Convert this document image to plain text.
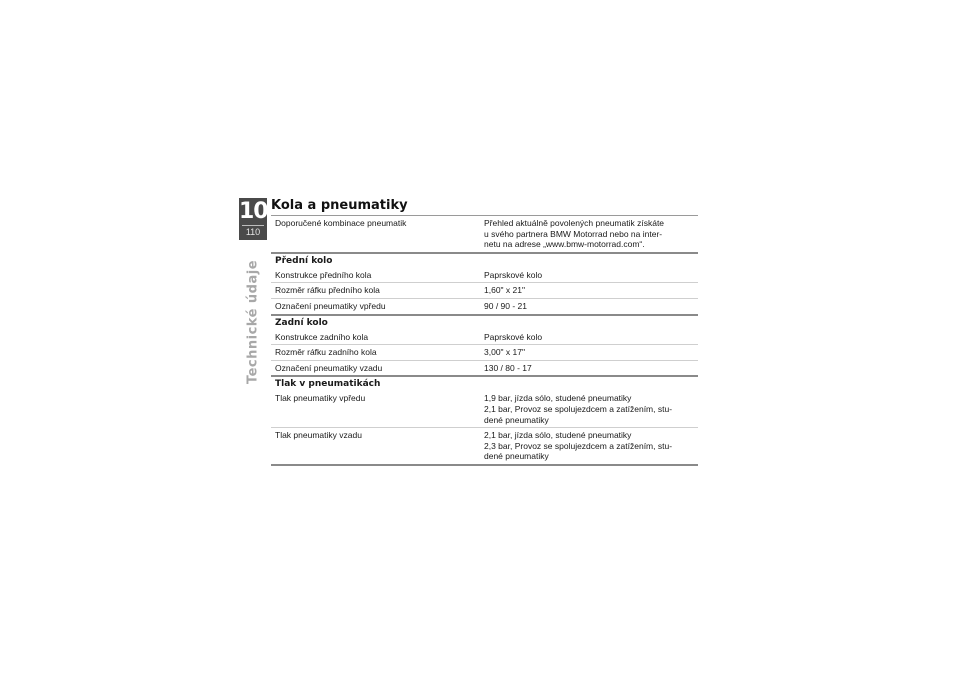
10
110
Technické údaje
Kola a pneumatiky
Doporučené kombinace pneumatik	Přehled aktuálně povolených pneumatik získáte
u svého partnera BMW Motorrad nebo na inter-
netu na adrese „www.bmw-motorrad.com“.
Přední kolo
Konstrukce předního kola	Paprskové kolo
Rozměr ráfku předního kola	1,60" x 21"
Označení pneumatiky vpředu	90 / 90 - 21
Zadní kolo
Konstrukce zadního kola	Paprskové kolo
Rozměr ráfku zadního kola	3,00" x 17"
Označení pneumatiky vzadu	130 / 80 - 17
Tlak v pneumatikách
Tlak pneumatiky vpředu	1,9 bar, jízda sólo, studené pneumatiky
2,1 bar, Provoz se spolujezdcem a zatížením, stu-
dené pneumatiky
Tlak pneumatiky vzadu	2,1 bar, jízda sólo, studené pneumatiky
2,3 bar, Provoz se spolujezdcem a zatížením, stu-
dené pneumatiky
